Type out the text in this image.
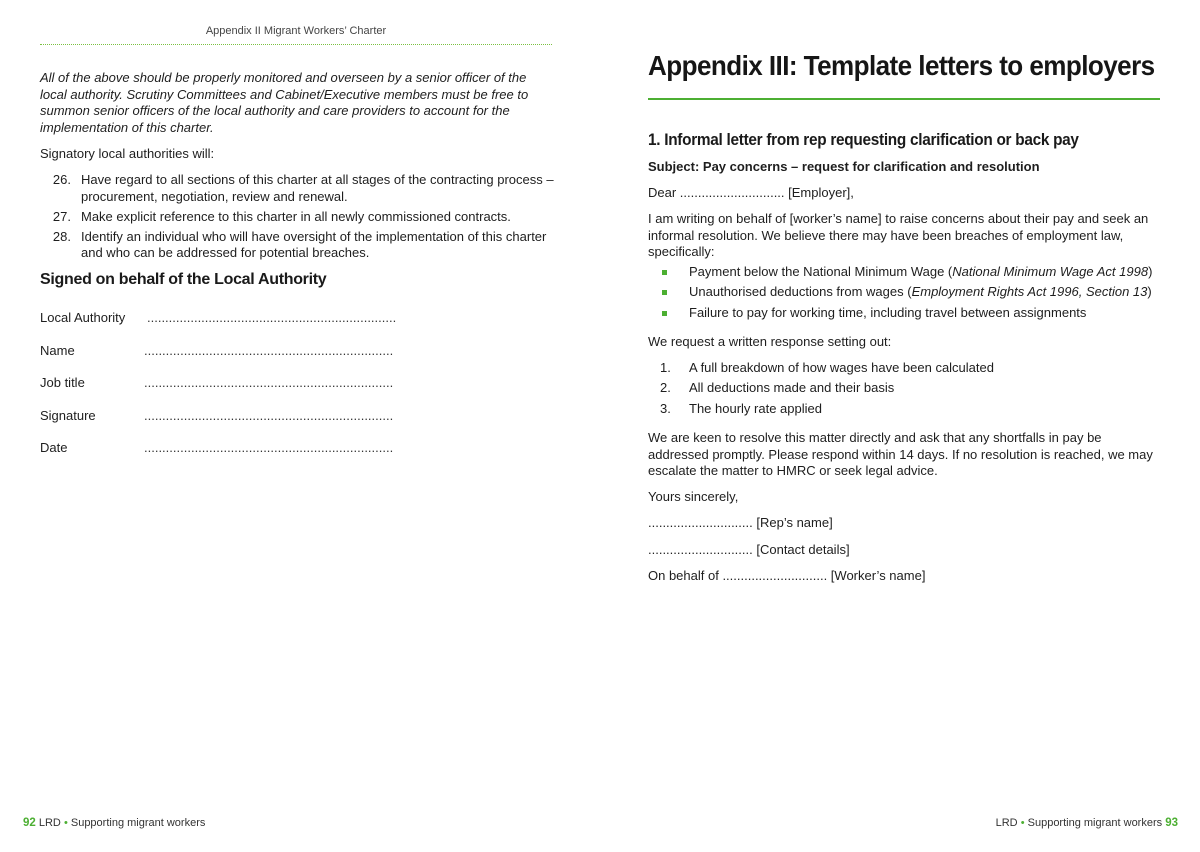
Appendix II Migrant Workers’ Charter

All of the above should be properly monitored and overseen by a senior officer of the local authority. Scrutiny Committees and Cabinet/Executive members must be free to summon senior officers of the local authority and care providers to account for the implementation of this charter.

Signatory local authorities will:

26. Have regard to all sections of this charter at all stages of the contracting process – procurement, negotiation, review and renewal.
27. Make explicit reference to this charter in all newly commissioned contracts.
28. Identify an individual who will have oversight of the implementation of this charter and who can be addressed for potential breaches.
Signed on behalf of the Local Authority
Local Authority .....................................................................
Name	.....................................................................
Job title	.....................................................................
Signature	.....................................................................
Date	.....................................................................
92 LRD • Supporting migrant workers
Appendix III: Template letters to employers
1. Informal letter from rep requesting clarification or back pay

Subject: Pay concerns – request for clarification and resolution

Dear ............................. [Employer],

I am writing on behalf of [worker’s name] to raise concerns about their pay and seek an informal resolution. We believe there may have been breaches of employment law, specifically:

Payment below the National Minimum Wage (National Minimum Wage Act 1998)
Unauthorised deductions from wages (Employment Rights Act 1996, Section 13)
Failure to pay for working time, including travel between assignments

We request a written response setting out:

1.	A full breakdown of how wages have been calculated
2.	All deductions made and their basis
3.	The hourly rate applied

We are keen to resolve this matter directly and ask that any shortfalls in pay be addressed promptly. Please respond within 14 days. If no resolution is reached, we may escalate the matter to HMRC or seek legal advice.

Yours sincerely,

............................. [Rep’s name]

............................. [Contact details]

On behalf of ............................. [Worker’s name]

LRD • Supporting migrant workers 93
